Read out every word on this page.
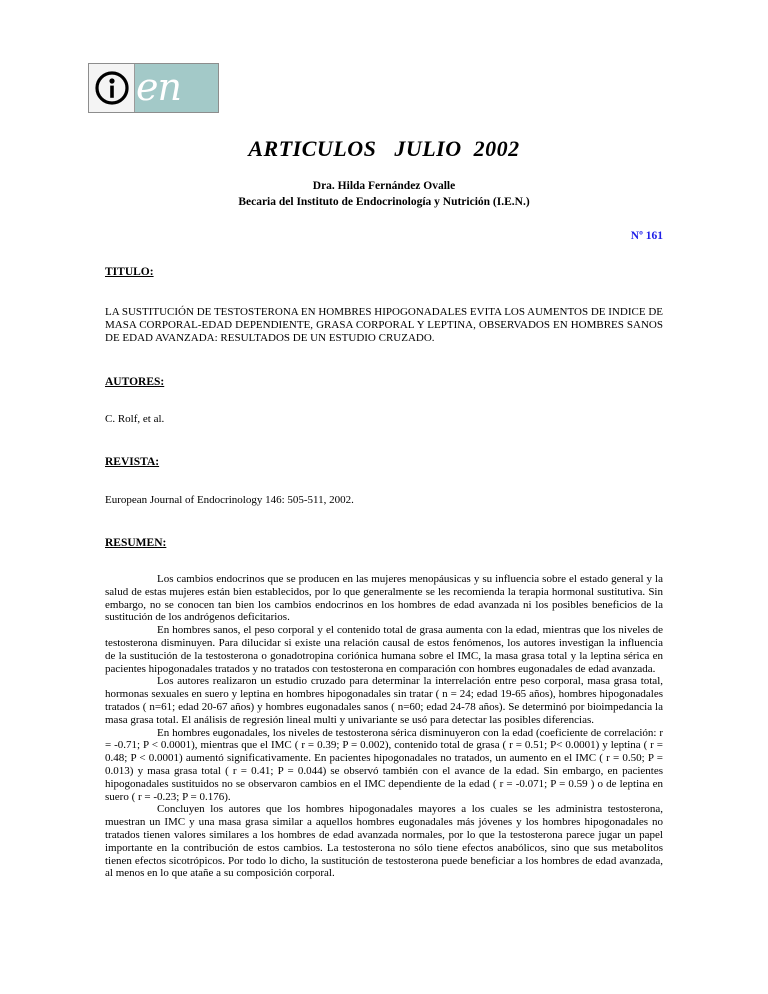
en
ARTICULOS   JULIO  2002
Dra. Hilda Fernández Ovalle
Becaria del Instituto de Endocrinología y Nutrición (I.E.N.)
Nº 161
TITULO:

LA SUSTITUCIÓN DE TESTOSTERONA EN HOMBRES HIPOGONADALES EVITA LOS AUMENTOS DE INDICE DE MASA CORPORAL-EDAD DEPENDIENTE, GRASA CORPORAL Y LEPTINA, OBSERVADOS EN HOMBRES SANOS DE EDAD AVANZADA: RESULTADOS DE UN ESTUDIO CRUZADO.

AUTORES:

C. Rolf, et al.

REVISTA:

European Journal of Endocrinology 146: 505-511, 2002.

RESUMEN:

Los cambios endocrinos que se producen en las mujeres menopáusicas y su influencia sobre el estado general y la salud de estas mujeres están bien establecidos, por lo que generalmente se les recomienda la terapia hormonal sustitutiva. Sin embargo, no se conocen tan bien los cambios endocrinos en los hombres de edad avanzada ni los posibles beneficios de la sustitución de los andrógenos deficitarios.

En hombres sanos, el peso corporal y el contenido total de grasa aumenta con la edad, mientras que los niveles de testosterona disminuyen. Para dilucidar si existe una relación causal de estos fenómenos, los autores investigan la influencia de la sustitución de la testosterona o gonadotropina coriónica humana sobre el IMC, la masa grasa total y la leptina sérica en pacientes hipogonadales tratados y no tratados con testosterona en comparación con hombres eugonadales de edad avanzada.

Los autores realizaron un estudio cruzado para determinar la interrelación entre peso corporal, masa grasa total, hormonas sexuales en suero y leptina en hombres hipogonadales sin tratar ( n = 24; edad 19-65 años), hombres hipogonadales tratados ( n=61; edad 20-67 años) y hombres eugonadales sanos ( n=60; edad 24-78 años). Se determinó por bioimpedancia la masa grasa total. El análisis de regresión lineal multi y univariante se usó para detectar las posibles diferencias.

En hombres eugonadales, los niveles de testosterona sérica disminuyeron con la edad (coeficiente de correlación: r = -0.71; P < 0.0001), mientras que el IMC ( r = 0.39; P = 0.002), contenido total de grasa ( r = 0.51; P< 0.0001) y leptina ( r = 0.48; P < 0.0001) aumentó significativamente. En pacientes hipogonadales no tratados, un aumento en el IMC ( r = 0.50; P = 0.013) y masa grasa total ( r = 0.41; P = 0.044) se observó también con el avance de la edad. Sin embargo, en pacientes hipogonadales sustituidos no se observaron cambios en el IMC dependiente de la edad ( r = -0.071; P = 0.59 ) o de leptina en suero ( r = -0.23; P = 0.176).

Concluyen los autores que los hombres hipogonadales mayores a los cuales se les administra testosterona, muestran un IMC y una masa grasa similar a aquellos hombres eugonadales más jóvenes y los hombres hipogonadales no tratados tienen valores similares a los hombres de edad avanzada normales, por lo que la testosterona parece jugar un papel importante en la contribución de estos cambios. La testosterona no sólo tiene efectos anabólicos, sino que sus metabolitos tienen efectos sicotrópicos. Por todo lo dicho, la sustitución de testosterona puede beneficiar a los hombres de edad avanzada, al menos en lo que atañe a su composición corporal.
